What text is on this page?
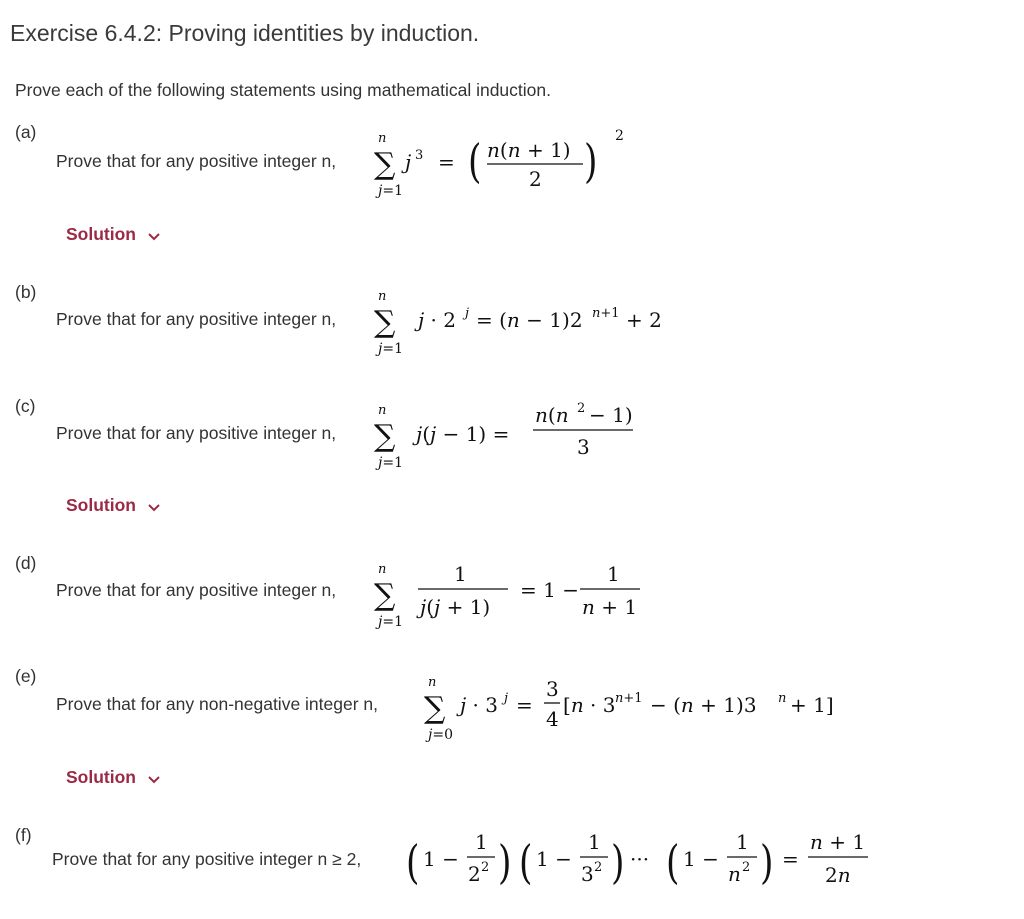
Exercise 6.4.2: Proving identities by induction.
Prove each of the following statements using mathematical induction.
(a)
Prove that for any positive integer n,
n
∑
j=1
j 3 = ( n(n + 1)
2 ) 2
Solution
(b)
Prove that for any positive integer n,
n
∑
j=1
j · 2 j = (n − 1)2 n+1 + 2
(c)
Prove that for any positive integer n,
n
∑
j=1
j(j − 1) =
n(n 2 − 1)
3
Solution
(d)
Prove that for any positive integer n,
n
∑
j=1
1
j(j + 1)
= 1 −
1
n + 1
(e)
Prove that for any non-negative integer n,
n
∑
j=0
j · 3 j =
3
4
[n · 3 n+1 − (n + 1)3 n + 1]
Solution
(f)
Prove that for any positive integer n ≥ 2, ( 1 −
1
2 2 ) ( 1 −
1
3 2 ) ··· ( 1 −
1
n 2 ) =
n + 1
2n
